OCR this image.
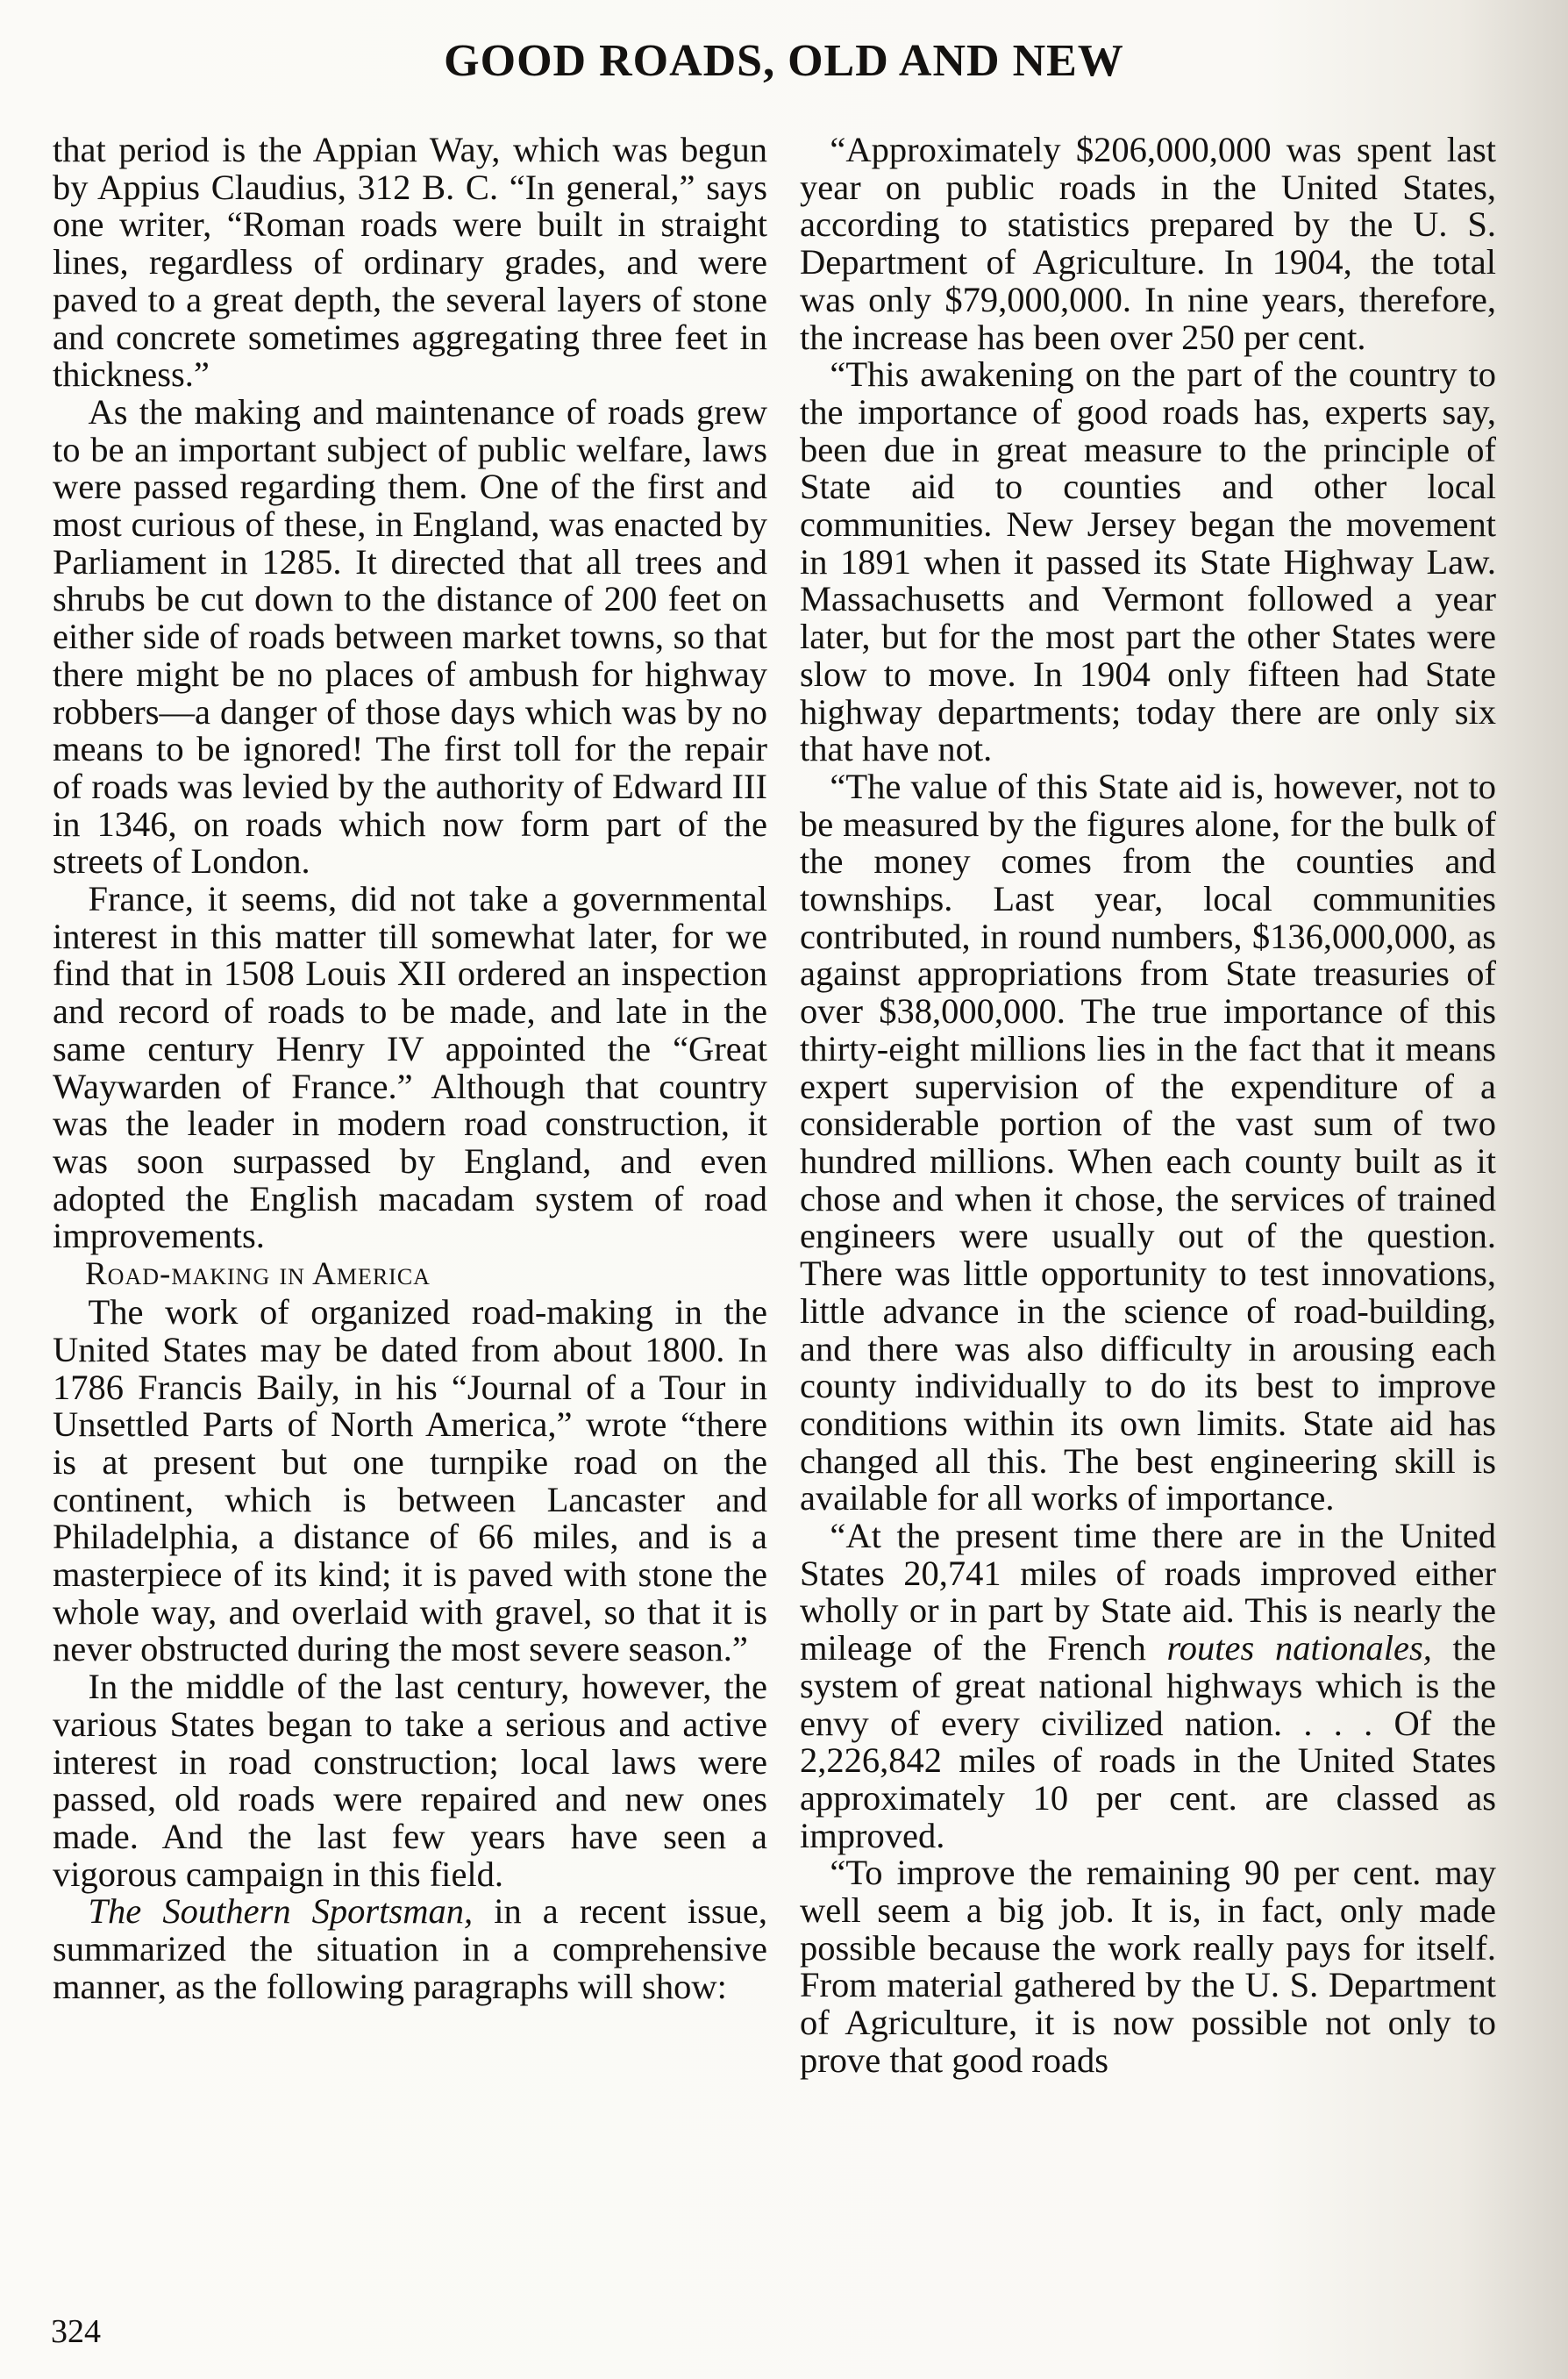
GOOD ROADS, OLD AND NEW

that period is the Appian Way, which was begun by Appius Claudius, 312 B. C. “In general,” says one writer, “Roman roads were built in straight lines, regardless of ordinary grades, and were paved to a great depth, the several layers of stone and concrete sometimes aggregating three feet in thickness.”

As the making and maintenance of roads grew to be an important subject of public welfare, laws were passed regarding them. One of the first and most curious of these, in England, was enacted by Parliament in 1285. It directed that all trees and shrubs be cut down to the distance of 200 feet on either side of roads between market towns, so that there might be no places of ambush for highway robbers—a danger of those days which was by no means to be ignored! The first toll for the repair of roads was levied by the authority of Edward III in 1346, on roads which now form part of the streets of London.

France, it seems, did not take a governmental interest in this matter till somewhat later, for we find that in 1508 Louis XII ordered an inspection and record of roads to be made, and late in the same century Henry IV appointed the “Great Waywarden of France.” Although that country was the leader in modern road construction, it was soon surpassed by England, and even adopted the English macadam system of road improvements.

Road-making in America

The work of organized road-making in the United States may be dated from about 1800. In 1786 Francis Baily, in his “Journal of a Tour in Unsettled Parts of North America,” wrote “there is at present but one turnpike road on the continent, which is between Lancaster and Philadelphia, a distance of 66 miles, and is a masterpiece of its kind; it is paved with stone the whole way, and overlaid with gravel, so that it is never obstructed during the most severe season.”

In the middle of the last century, however, the various States began to take a serious and active interest in road construction; local laws were passed, old roads were repaired and new ones made. And the last few years have seen a vigorous campaign in this field.

The Southern Sportsman, in a recent issue, summarized the situation in a comprehensive manner, as the following paragraphs will show:

“Approximately $206,000,000 was spent last year on public roads in the United States, according to statistics prepared by the U. S. Department of Agriculture. In 1904, the total was only $79,000,000. In nine years, therefore, the increase has been over 250 per cent.

“This awakening on the part of the country to the importance of good roads has, experts say, been due in great measure to the principle of State aid to counties and other local communities. New Jersey began the movement in 1891 when it passed its State Highway Law. Massachusetts and Vermont followed a year later, but for the most part the other States were slow to move. In 1904 only fifteen had State highway departments; today there are only six that have not.

“The value of this State aid is, however, not to be measured by the figures alone, for the bulk of the money comes from the counties and townships. Last year, local communities contributed, in round numbers, $136,000,000, as against appropriations from State treasuries of over $38,000,000. The true importance of this thirty-eight millions lies in the fact that it means expert supervision of the expenditure of a considerable portion of the vast sum of two hundred millions. When each county built as it chose and when it chose, the services of trained engineers were usually out of the question. There was little opportunity to test innovations, little advance in the science of road-building, and there was also difficulty in arousing each county individually to do its best to improve conditions within its own limits. State aid has changed all this. The best engineering skill is available for all works of importance.

“At the present time there are in the United States 20,741 miles of roads improved either wholly or in part by State aid. This is nearly the mileage of the French routes nationales, the system of great national highways which is the envy of every civilized nation. . . . Of the 2,226,842 miles of roads in the United States approximately 10 per cent. are classed as improved.

“To improve the remaining 90 per cent. may well seem a big job. It is, in fact, only made possible because the work really pays for itself. From material gathered by the U. S. Department of Agriculture, it is now possible not only to prove that good roads

324
